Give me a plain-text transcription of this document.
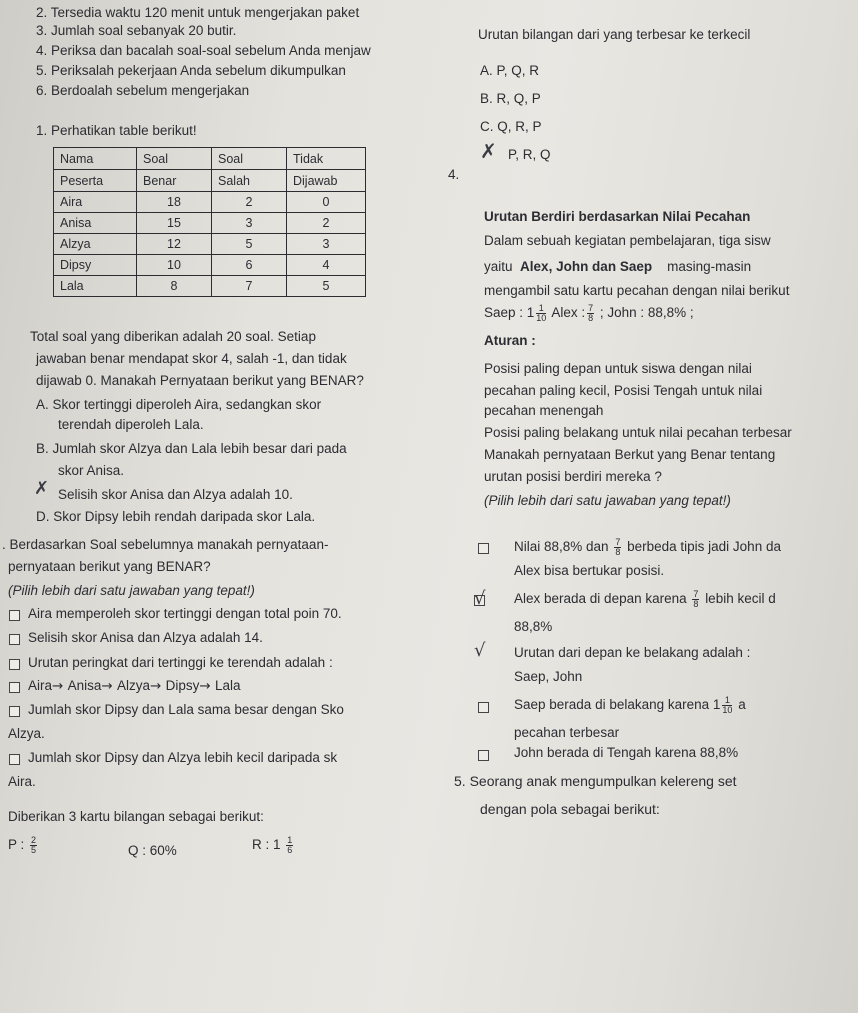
2. Tersedia waktu 120 menit untuk mengerjakan paket
3. Jumlah soal sebanyak 20 butir.
4. Periksa dan bacalah soal-soal sebelum Anda menjaw
5. Periksalah pekerjaan Anda sebelum dikumpulkan
6. Berdoalah sebelum mengerjakan
1. Perhatikan table berikut!
Nama	Soal	Soal	Tidak
Peserta	Benar	Salah	Dijawab
Aira	18	2	0
Anisa	15	3	2
Alzya	12	5	3
Dipsy	10	6	4
Lala	8	7	5
Total soal yang diberikan adalah 20 soal. Setiap
jawaban benar mendapat skor 4, salah -1, dan tidak
dijawab 0. Manakah Pernyataan berikut yang BENAR?
A. Skor tertinggi diperoleh Aira, sedangkan skor
terendah diperoleh Lala.
B. Jumlah skor Alzya dan Lala lebih besar dari pada
skor Anisa.
✗ Selisih skor Anisa dan Alzya adalah 10.
D. Skor Dipsy lebih rendah daripada skor Lala.
. Berdasarkan Soal sebelumnya manakah pernyataan-
pernyataan berikut yang BENAR?
(Pilih lebih dari satu jawaban yang tepat!)
Aira memperoleh skor tertinggi dengan total poin 70.
Selisih skor Anisa dan Alzya adalah 14.
Urutan peringkat dari tertinggi ke terendah adalah :
Aira→ Anisa→ Alzya→ Dipsy→ Lala
Jumlah skor Dipsy dan Lala sama besar dengan Sko
Alzya.
Jumlah skor Dipsy dan Alzya lebih kecil daripada sk
Aira.
Diberikan 3 kartu bilangan sebagai berikut:
P : $\frac{2}{5}$	Q : 60%	R : $1 \frac{1}{6}$
Urutan bilangan dari yang terbesar ke terkecil
A. P, Q, R
B. R, Q, P
C. Q, R, P
✗ P, R, Q
4.
Urutan Berdiri berdasarkan Nilai Pecahan
Dalam sebuah kegiatan pembelajaran, tiga sisw
yaitu Alex, John dan Saep masing-masin
mengambil satu kartu pecahan dengan nilai berikut
Saep : $1 \frac{1}{10}$ Alex : $\frac{7}{8}$ ; John : 88,8% ;
Aturan :
Posisi paling depan untuk siswa dengan nilai
pecahan paling kecil, Posisi Tengah untuk nilai
pecahan menengah
Posisi paling belakang untuk nilai pecahan terbesar
Manakah pernyataan Berkut yang Benar tentang
urutan posisi berdiri mereka ?
(Pilih lebih dari satu jawaban yang tepat!)
Nilai 88,8% dan $\frac{7}{8}$ berbeda tipis jadi John da
Alex bisa bertukar posisi.
√ Alex berada di depan karena $\frac{7}{8}$ lebih kecil d
88,8%
√ Urutan dari depan ke belakang adalah :
Saep, John
Saep berada di belakang karena $1 \frac{1}{10}$ a
pecahan terbesar
John berada di Tengah karena 88,8%
5. Seorang anak mengumpulkan kelereng set
dengan pola sebagai berikut:
